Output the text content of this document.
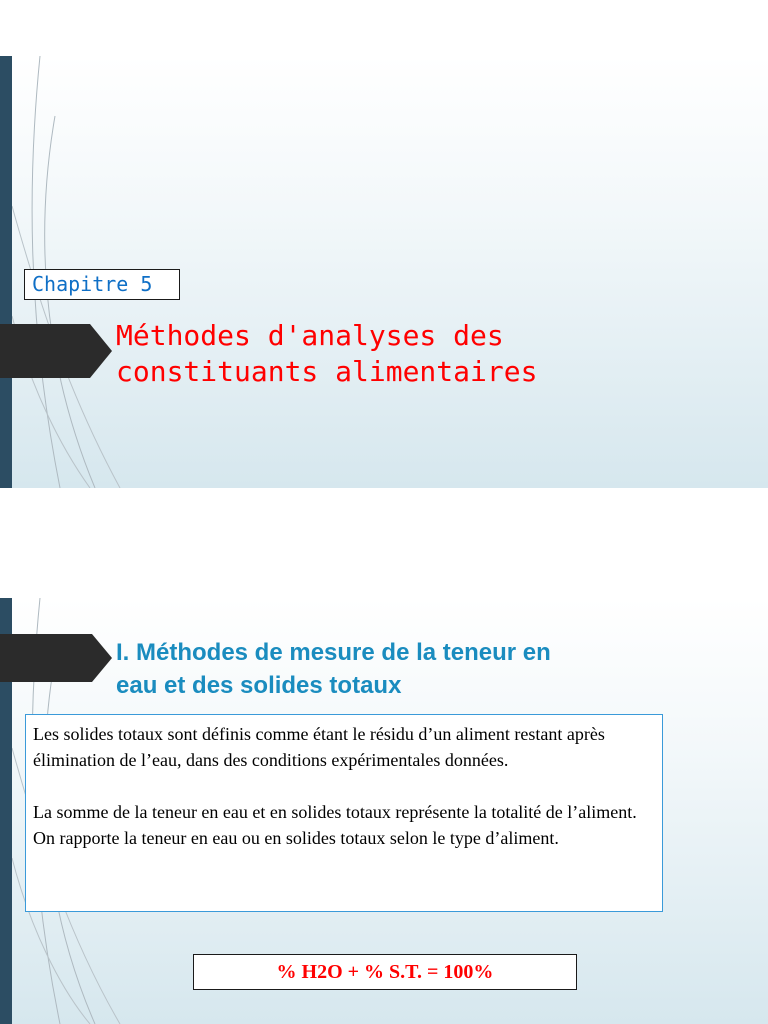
Chapitre 5
Méthodes d'analyses des
constituants alimentaires
I. Méthodes de mesure de la teneur en
eau et des solides totaux

Les solides totaux sont définis comme étant le résidu d’un aliment restant après élimination de l’eau, dans des conditions expérimentales données.

La somme de la teneur en eau et en solides totaux représente la totalité de l’aliment. On rapporte la teneur en eau ou en solides totaux selon le type d’aliment.

% H2O + % S.T. = 100%
